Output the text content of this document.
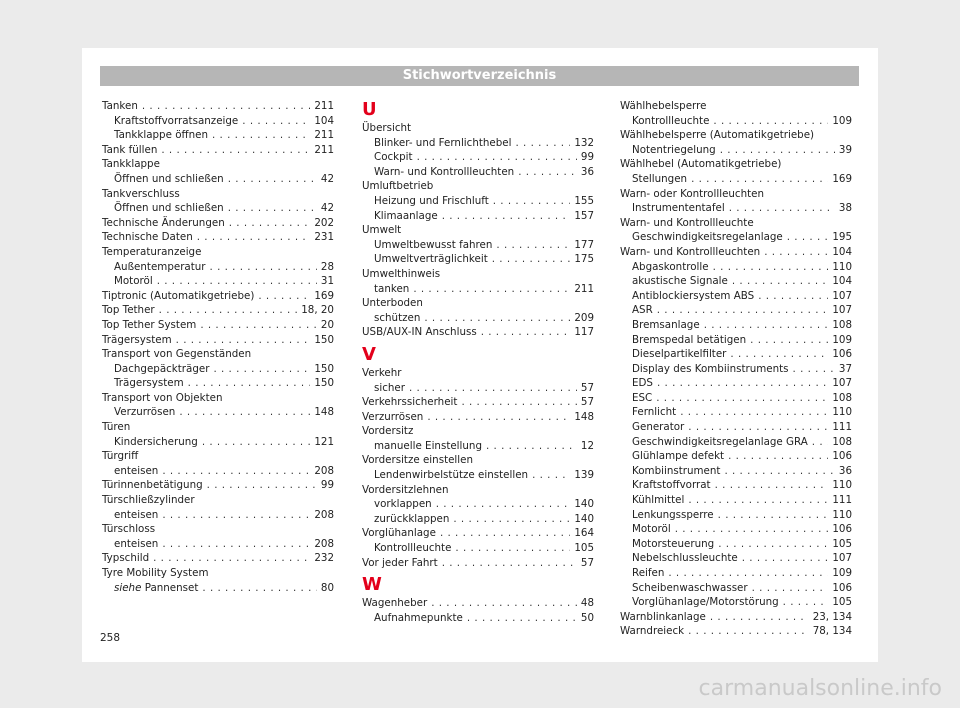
Stichwortverzeichnis
Tanken . . .	211
Kraftstoffvorratsanzeige . . .	104
Tankklappe öffnen . . .	211
Tank füllen . . .	211
Tankklappe
Öffnen und schließen . . .	42
Tankverschluss
Öffnen und schließen . . .	42
Technische Änderungen . . .	202
Technische Daten . . .	231
Temperaturanzeige
Außentemperatur . . .	28
Motoröl . . .	31
Tiptronic (Automatikgetriebe) . . .	169
Top Tether . . .	18, 20
Top Tether System . . .	20
Trägersystem . . .	150
Transport von Gegenständen
Dachgepäckträger . . .	150
Trägersystem . . .	150
Transport von Objekten
Verzurrösen . . .	148
Türen
Kindersicherung . . .	121
Türgriff
enteisen . . .	208
Türinnenbetätigung . . .	99
Türschließzylinder
enteisen . . .	208
Türschloss
enteisen . . .	208
Typschild . . .	232
Tyre Mobility System
siehe Pannenset . . .	80
U
Übersicht
Blinker- und Fernlichthebel . . .	132
Cockpit . . .	99
Warn- und Kontrollleuchten . . .	36
Umluftbetrieb
Heizung und Frischluft . . .	155
Klimaanlage . . .	157
Umwelt
Umweltbewusst fahren . . .	177
Umweltverträglichkeit . . .	175
Umwelthinweis
tanken . . .	211
Unterboden
schützen . . .	209
USB/AUX-IN Anschluss . . .	117
V
Verkehr
sicher . . .	57
Verkehrssicherheit . . .	57
Verzurrösen . . .	148
Vordersitz
manuelle Einstellung . . .	12
Vordersitze einstellen
Lendenwirbelstütze einstellen . . .	139
Vordersitzlehnen
vorklappen . . .	140
zurückklappen . . .	140
Vorglühanlage . . .	164
Kontrollleuchte . . .	105
Vor jeder Fahrt . . .	57
W
Wagenheber . . .	48
Aufnahmepunkte . . .	50
Wählhebelsperre
Kontrollleuchte . . .	109
Wählhebelsperre (Automatikgetriebe)
Notentriegelung . . .	39
Wählhebel (Automatikgetriebe)
Stellungen . . .	169
Warn- oder Kontrollleuchten
Instrumententafel . . .	38
Warn- und Kontrollleuchte
Geschwindigkeitsregelanlage . . .	195
Warn- und Kontrollleuchten . . .	104
Abgaskontrolle . . .	110
akustische Signale . . .	104
Antiblockiersystem ABS . . .	107
ASR . . .	107
Bremsanlage . . .	108
Bremspedal betätigen . . .	109
Dieselpartikelfilter . . .	106
Display des Kombiinstruments . . .	37
EDS . . .	107
ESC . . .	108
Fernlicht . . .	110
Generator . . .	111
Geschwindigkeitsregelanlage GRA . . . 108
Glühlampe defekt . . .	106
Kombiinstrument . . .	36
Kraftstoffvorrat . . .	110
Kühlmittel . . .	111
Lenkungssperre . . .	110
Motoröl . . .	106
Motorsteuerung . . .	105
Nebelschlussleuchte . . .	107
Reifen . . .	109
Scheibenwaschwasser . . .	106
Vorglühanlage/Motorstörung . . .	105
Warnblinkanlage . . .	23, 134
Warndreieck . . .	78, 134
258
carmanualsonline.info
